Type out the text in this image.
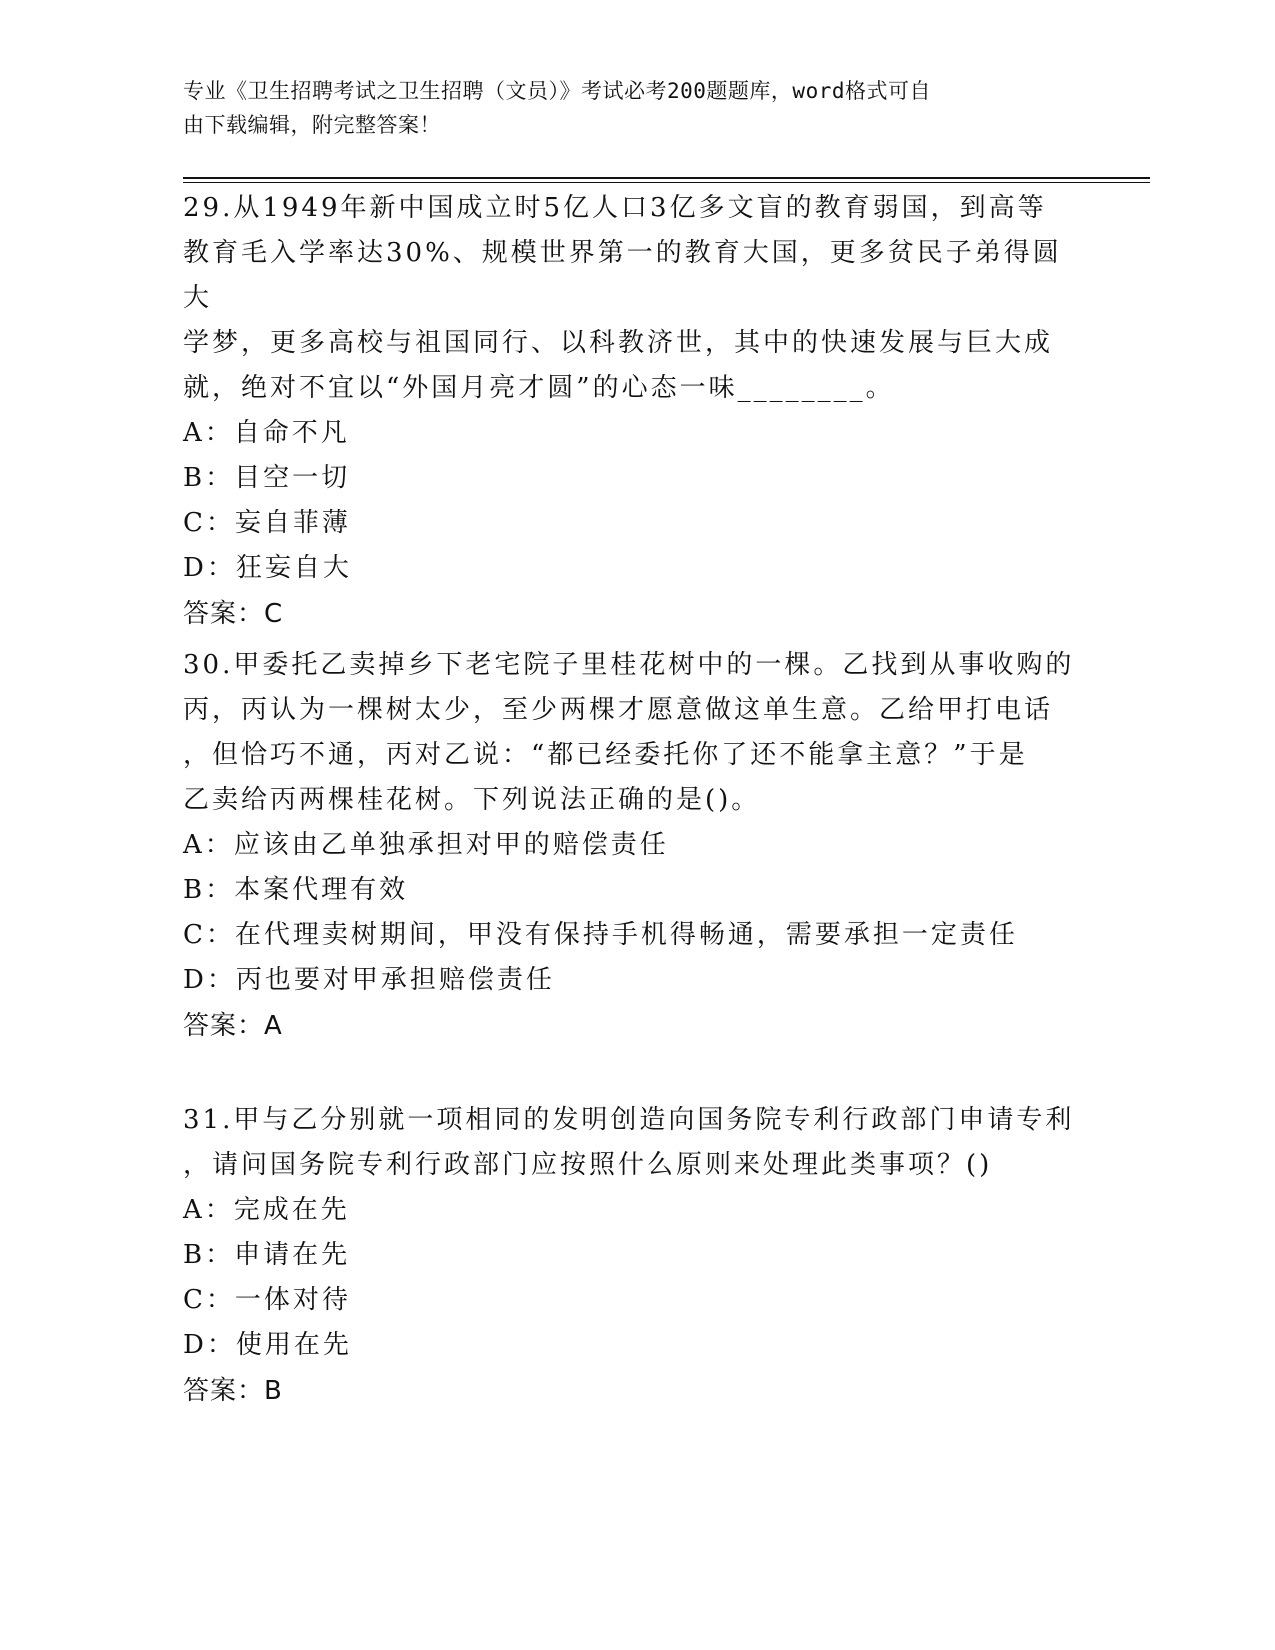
专业《卫生招聘考试之卫生招聘（文员）》考试必考200题题库，word格式可自
由下载编辑，附完整答案！
29.从1949年新中国成立时5亿人口3亿多文盲的教育弱国，到高等
教育毛入学率达30%、规模世界第一的教育大国，更多贫民子弟得圆大
学梦，更多高校与祖国同行、以科教济世，其中的快速发展与巨大成
就，绝对不宜以“外国月亮才圆”的心态一味________。
A：自命不凡
B：目空一切
C：妄自菲薄
D：狂妄自大
答案：C
30.甲委托乙卖掉乡下老宅院子里桂花树中的一棵。乙找到从事收购的
丙，丙认为一棵树太少，至少两棵才愿意做这单生意。乙给甲打电话
，但恰巧不通，丙对乙说：“都已经委托你了还不能拿主意？”于是
乙卖给丙两棵桂花树。下列说法正确的是()。
A：应该由乙单独承担对甲的赔偿责任
B：本案代理有效
C：在代理卖树期间，甲没有保持手机得畅通，需要承担一定责任
D：丙也要对甲承担赔偿责任
答案：A
31.甲与乙分别就一项相同的发明创造向国务院专利行政部门申请专利
，请问国务院专利行政部门应按照什么原则来处理此类事项？()
A：完成在先
B：申请在先
C：一体对待
D：使用在先
答案：B
